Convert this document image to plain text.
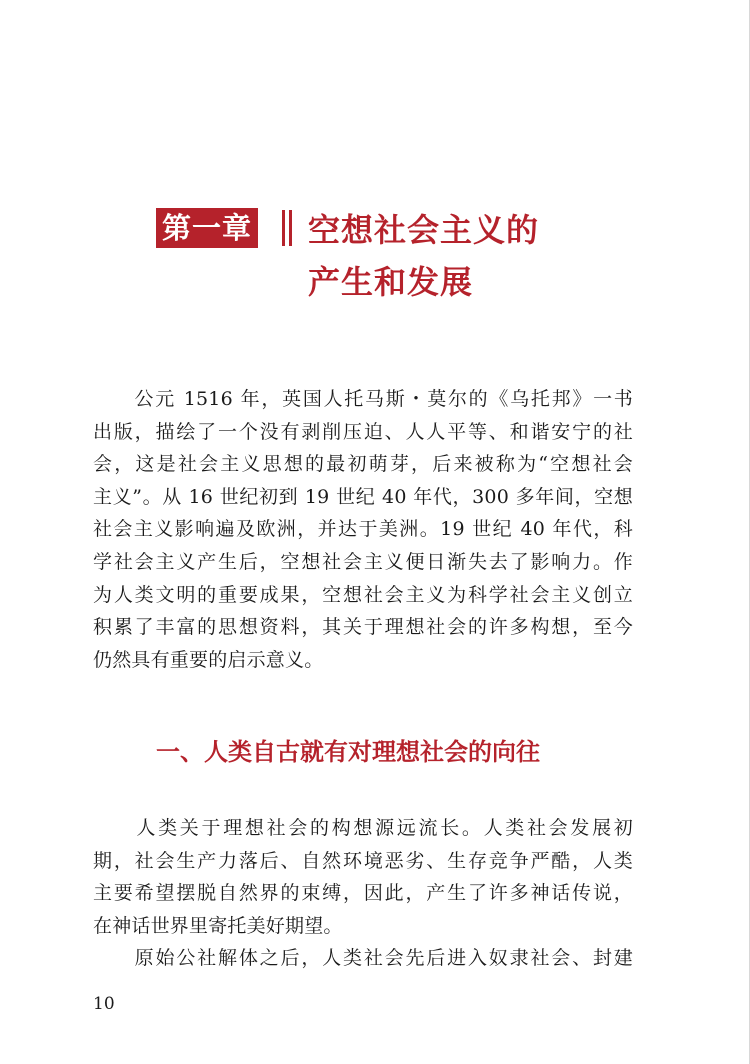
第一章 空想社会主义的
产生和发展
　　公元 1516 年，英国人托马斯・莫尔的《乌托邦》一书
出版，描绘了一个没有剥削压迫、人人平等、和谐安宁的社
会，这是社会主义思想的最初萌芽，后来被称为“空想社会
主义”。从 16 世纪初到 19 世纪 40 年代，300 多年间，空想
社会主义影响遍及欧洲，并达于美洲。19 世纪 40 年代，科
学社会主义产生后，空想社会主义便日渐失去了影响力。作
为人类文明的重要成果，空想社会主义为科学社会主义创立
积累了丰富的思想资料，其关于理想社会的许多构想，至今
仍然具有重要的启示意义。
一、人类自古就有对理想社会的向往
　　人类关于理想社会的构想源远流长。人类社会发展初
期，社会生产力落后、自然环境恶劣、生存竞争严酷，人类
主要希望摆脱自然界的束缚，因此，产生了许多神话传说，
在神话世界里寄托美好期望。
　　原始公社解体之后，人类社会先后进入奴隶社会、封建
10
